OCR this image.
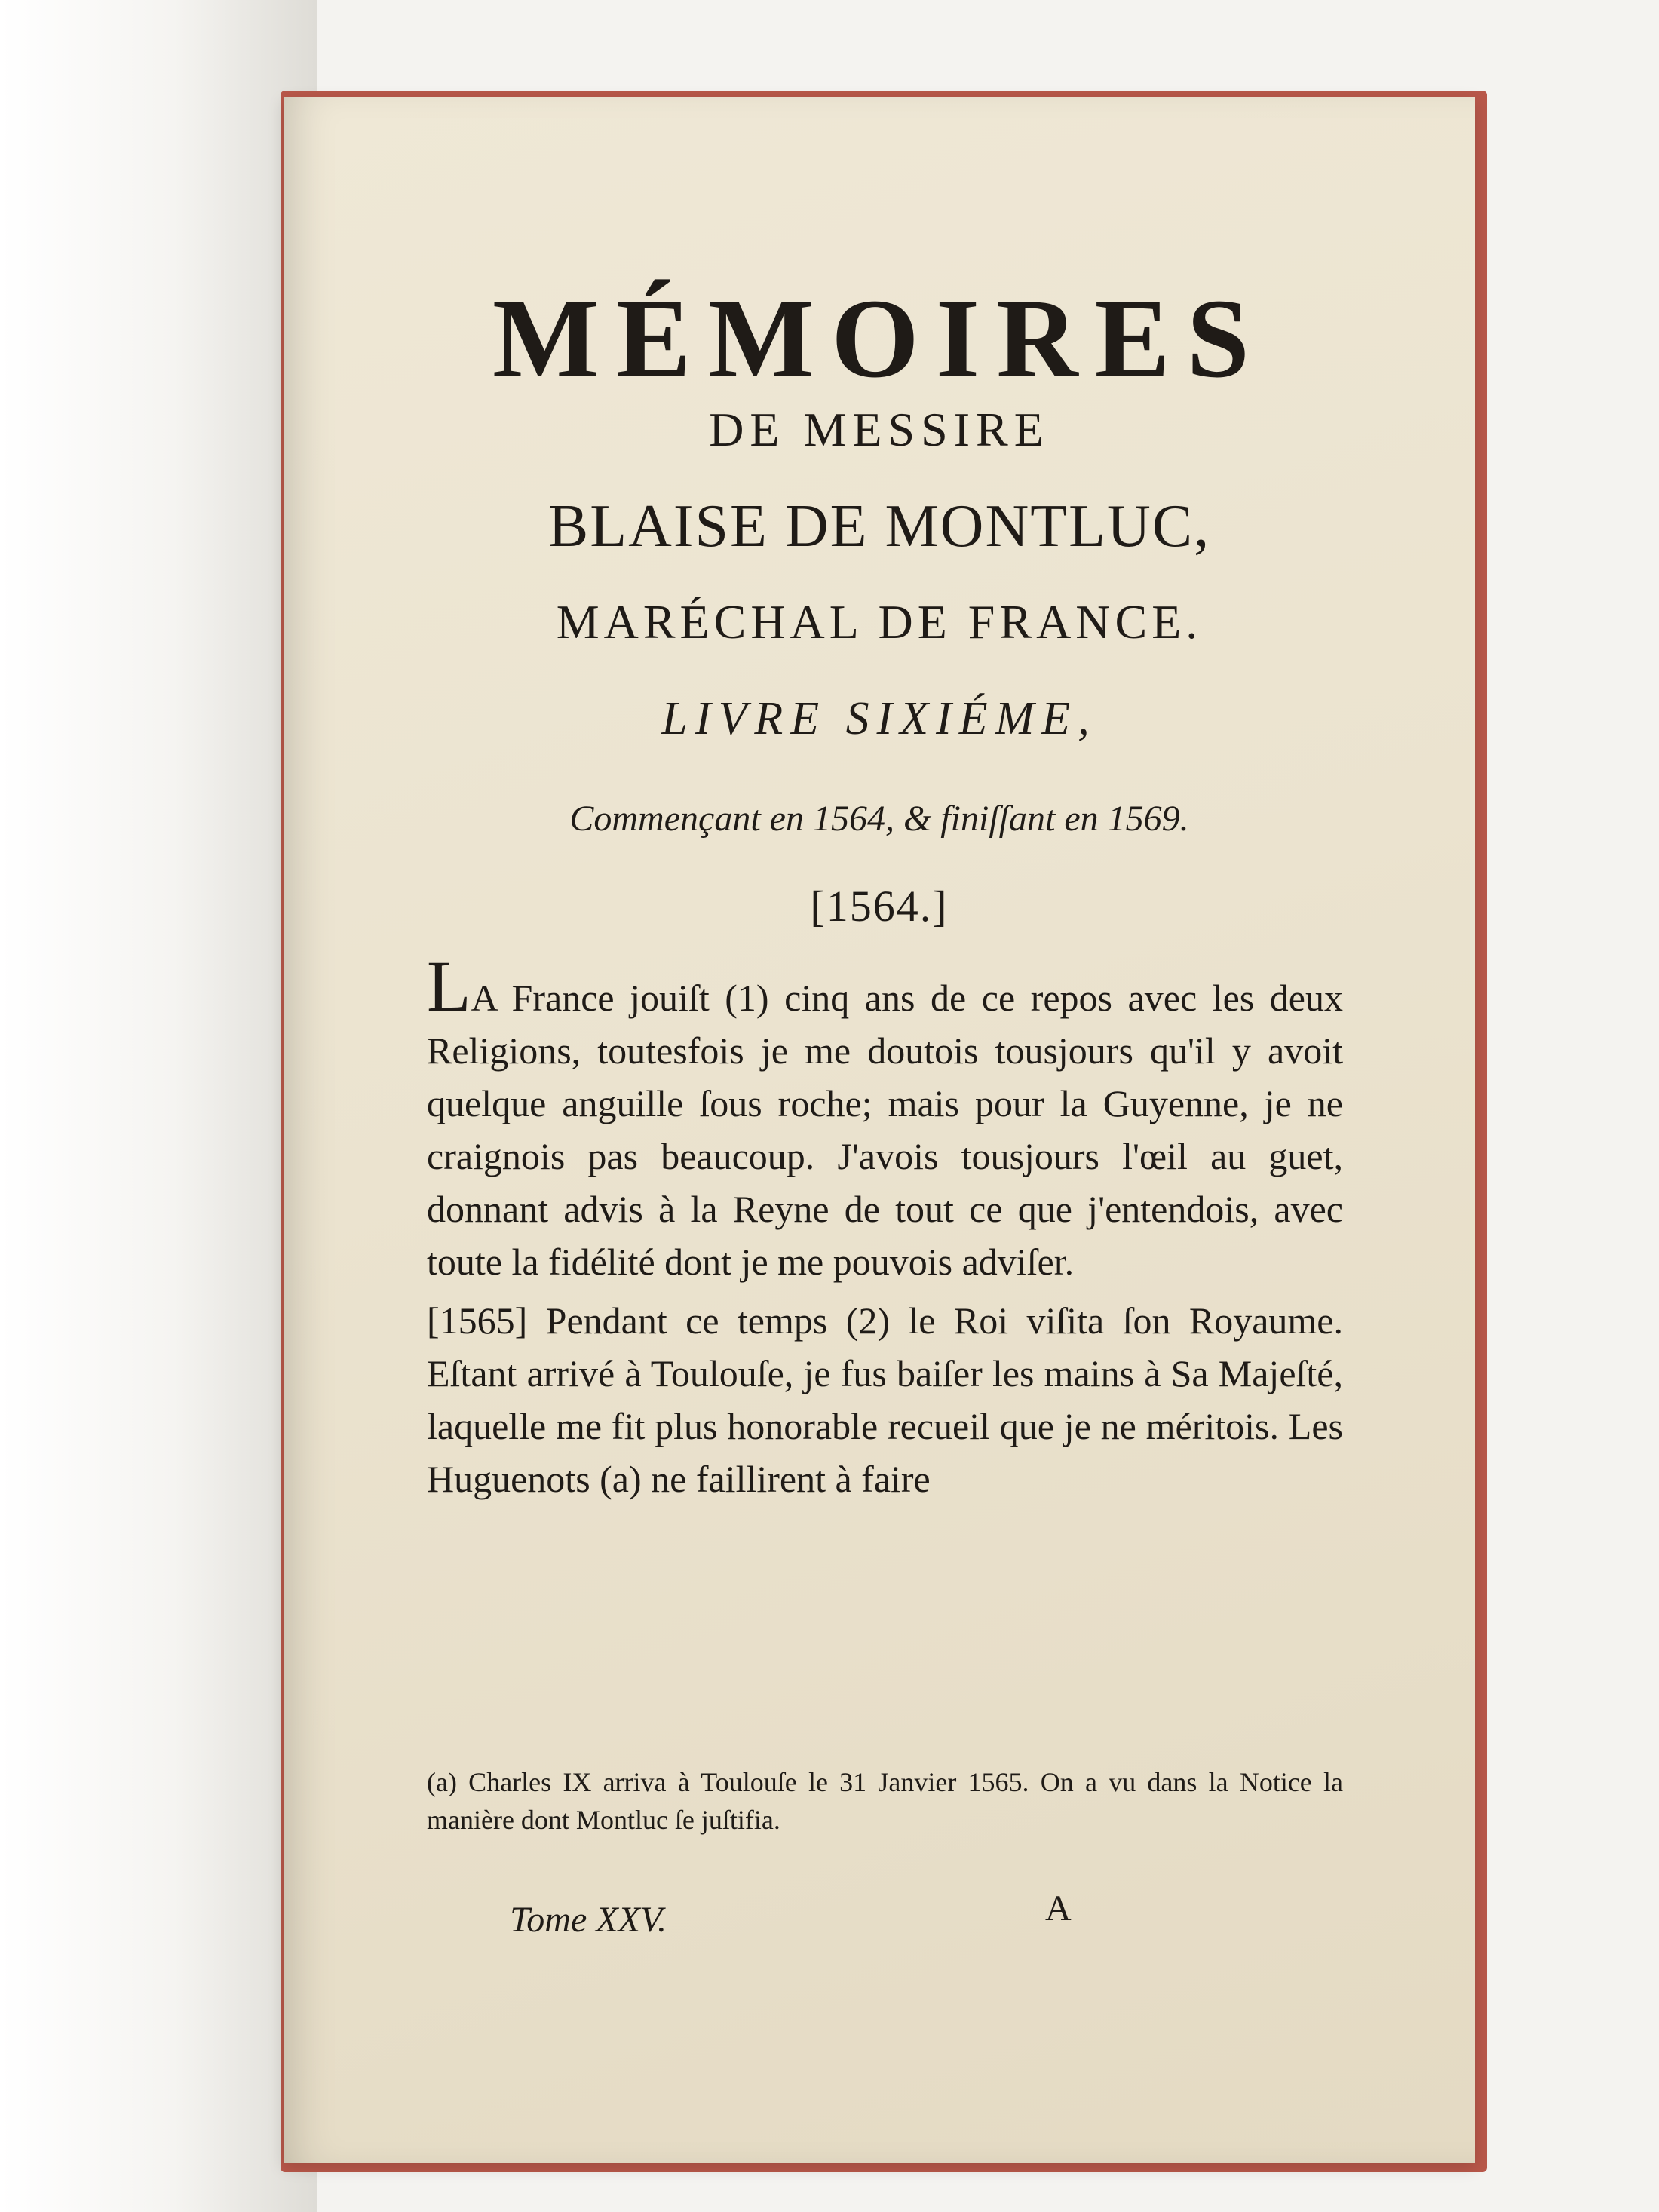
MÉMOIRES
DE MESSIRE
BLAISE DE MONTLUC,
MARÉCHAL DE FRANCE.
LIVRE SIXIÉME,
Commençant en 1564, & finiſſant en 1569.
[1564.]

LA France jouiſt (1) cinq ans de ce repos avec les deux Religions, toutesfois je me doutois tousjours qu'il y avoit quelque anguille ſous roche; mais pour la Guyenne, je ne craignois pas beaucoup. J'avois tousjours l'œil au guet, donnant advis à la Reyne de tout ce que j'entendois, avec toute la fidélité dont je me pouvois adviſer.

[1565] Pendant ce temps (2) le Roi viſita ſon Royaume. Eſtant arrivé à Toulouſe, je fus baiſer les mains à Sa Majeſté, laquelle me fit plus honorable recueil que je ne méritois. Les Huguenots (a) ne faillirent à faire

(a) Charles IX arriva à Toulouſe le 31 Janvier 1565. On a vu dans la Notice la manière dont Montluc ſe juſtifia.
Tome XXV.	A
